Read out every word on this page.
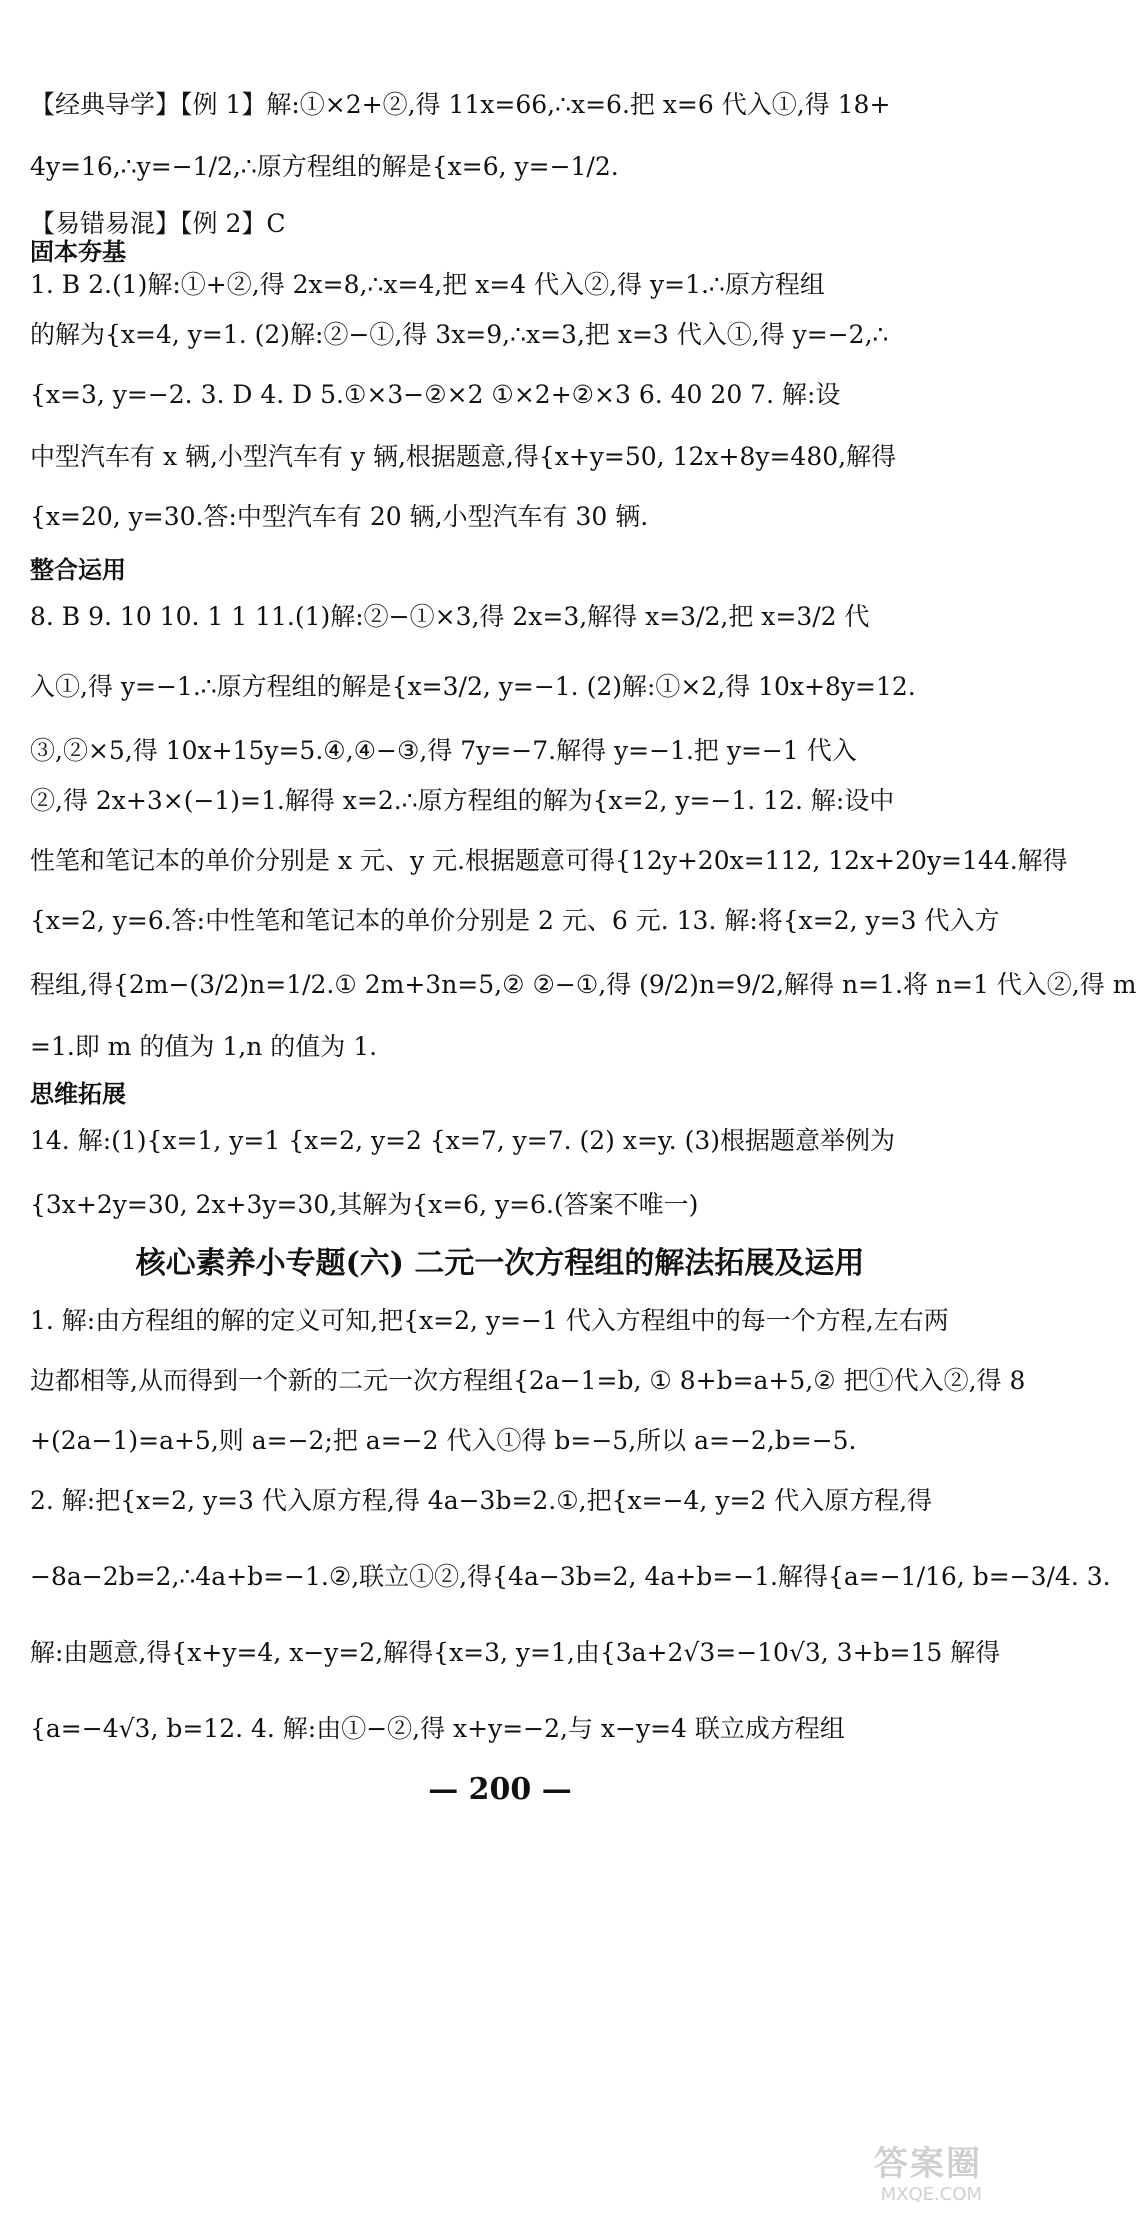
【经典导学】【例 1】解:①×2+②,得 11x=66,∴x=6.把 x=6 代入①,得 18+
4y=16,∴y=−1/2,∴原方程组的解是{x=6, y=−1/2.
【易错易混】【例 2】C
固本夯基
1. B 2.(1)解:①+②,得 2x=8,∴x=4,把 x=4 代入②,得 y=1.∴原方程组
的解为{x=4, y=1. (2)解:②−①,得 3x=9,∴x=3,把 x=3 代入①,得 y=−2,∴
{x=3, y=−2. 3. D 4. D 5.①×3−②×2 ①×2+②×3 6. 40 20 7. 解:设
中型汽车有 x 辆,小型汽车有 y 辆,根据题意,得{x+y=50, 12x+8y=480,解得
{x=20, y=30.答:中型汽车有 20 辆,小型汽车有 30 辆.
整合运用
8. B 9. 10 10. 1 1 11.(1)解:②−①×3,得 2x=3,解得 x=3/2,把 x=3/2 代
入①,得 y=−1.∴原方程组的解是{x=3/2, y=−1. (2)解:①×2,得 10x+8y=12.
③,②×5,得 10x+15y=5.④,④−③,得 7y=−7.解得 y=−1.把 y=−1 代入
②,得 2x+3×(−1)=1.解得 x=2.∴原方程组的解为{x=2, y=−1. 12. 解:设中
性笔和笔记本的单价分别是 x 元、y 元.根据题意可得{12y+20x=112, 12x+20y=144.解得
{x=2, y=6.答:中性笔和笔记本的单价分别是 2 元、6 元. 13. 解:将{x=2, y=3 代入方
程组,得{2m−(3/2)n=1/2.① 2m+3n=5,② ②−①,得 (9/2)n=9/2,解得 n=1.将 n=1 代入②,得 m
=1.即 m 的值为 1,n 的值为 1.
思维拓展
14. 解:(1){x=1, y=1 {x=2, y=2 {x=7, y=7. (2) x=y. (3)根据题意举例为
{3x+2y=30, 2x+3y=30,其解为{x=6, y=6.(答案不唯一)
核心素养小专题(六) 二元一次方程组的解法拓展及运用
1. 解:由方程组的解的定义可知,把{x=2, y=−1 代入方程组中的每一个方程,左右两
边都相等,从而得到一个新的二元一次方程组{2a−1=b, ① 8+b=a+5,② 把①代入②,得 8
+(2a−1)=a+5,则 a=−2;把 a=−2 代入①得 b=−5,所以 a=−2,b=−5.
2. 解:把{x=2, y=3 代入原方程,得 4a−3b=2.①,把{x=−4, y=2 代入原方程,得
−8a−2b=2,∴4a+b=−1.②,联立①②,得{4a−3b=2, 4a+b=−1.解得{a=−1/16, b=−3/4. 3.
解:由题意,得{x+y=4, x−y=2,解得{x=3, y=1,由{3a+2√3=−10√3, 3+b=15 解得
{a=−4√3, b=12. 4. 解:由①−②,得 x+y=−2,与 x−y=4 联立成方程组
— 200 —
答案圈
MXQE.COM
